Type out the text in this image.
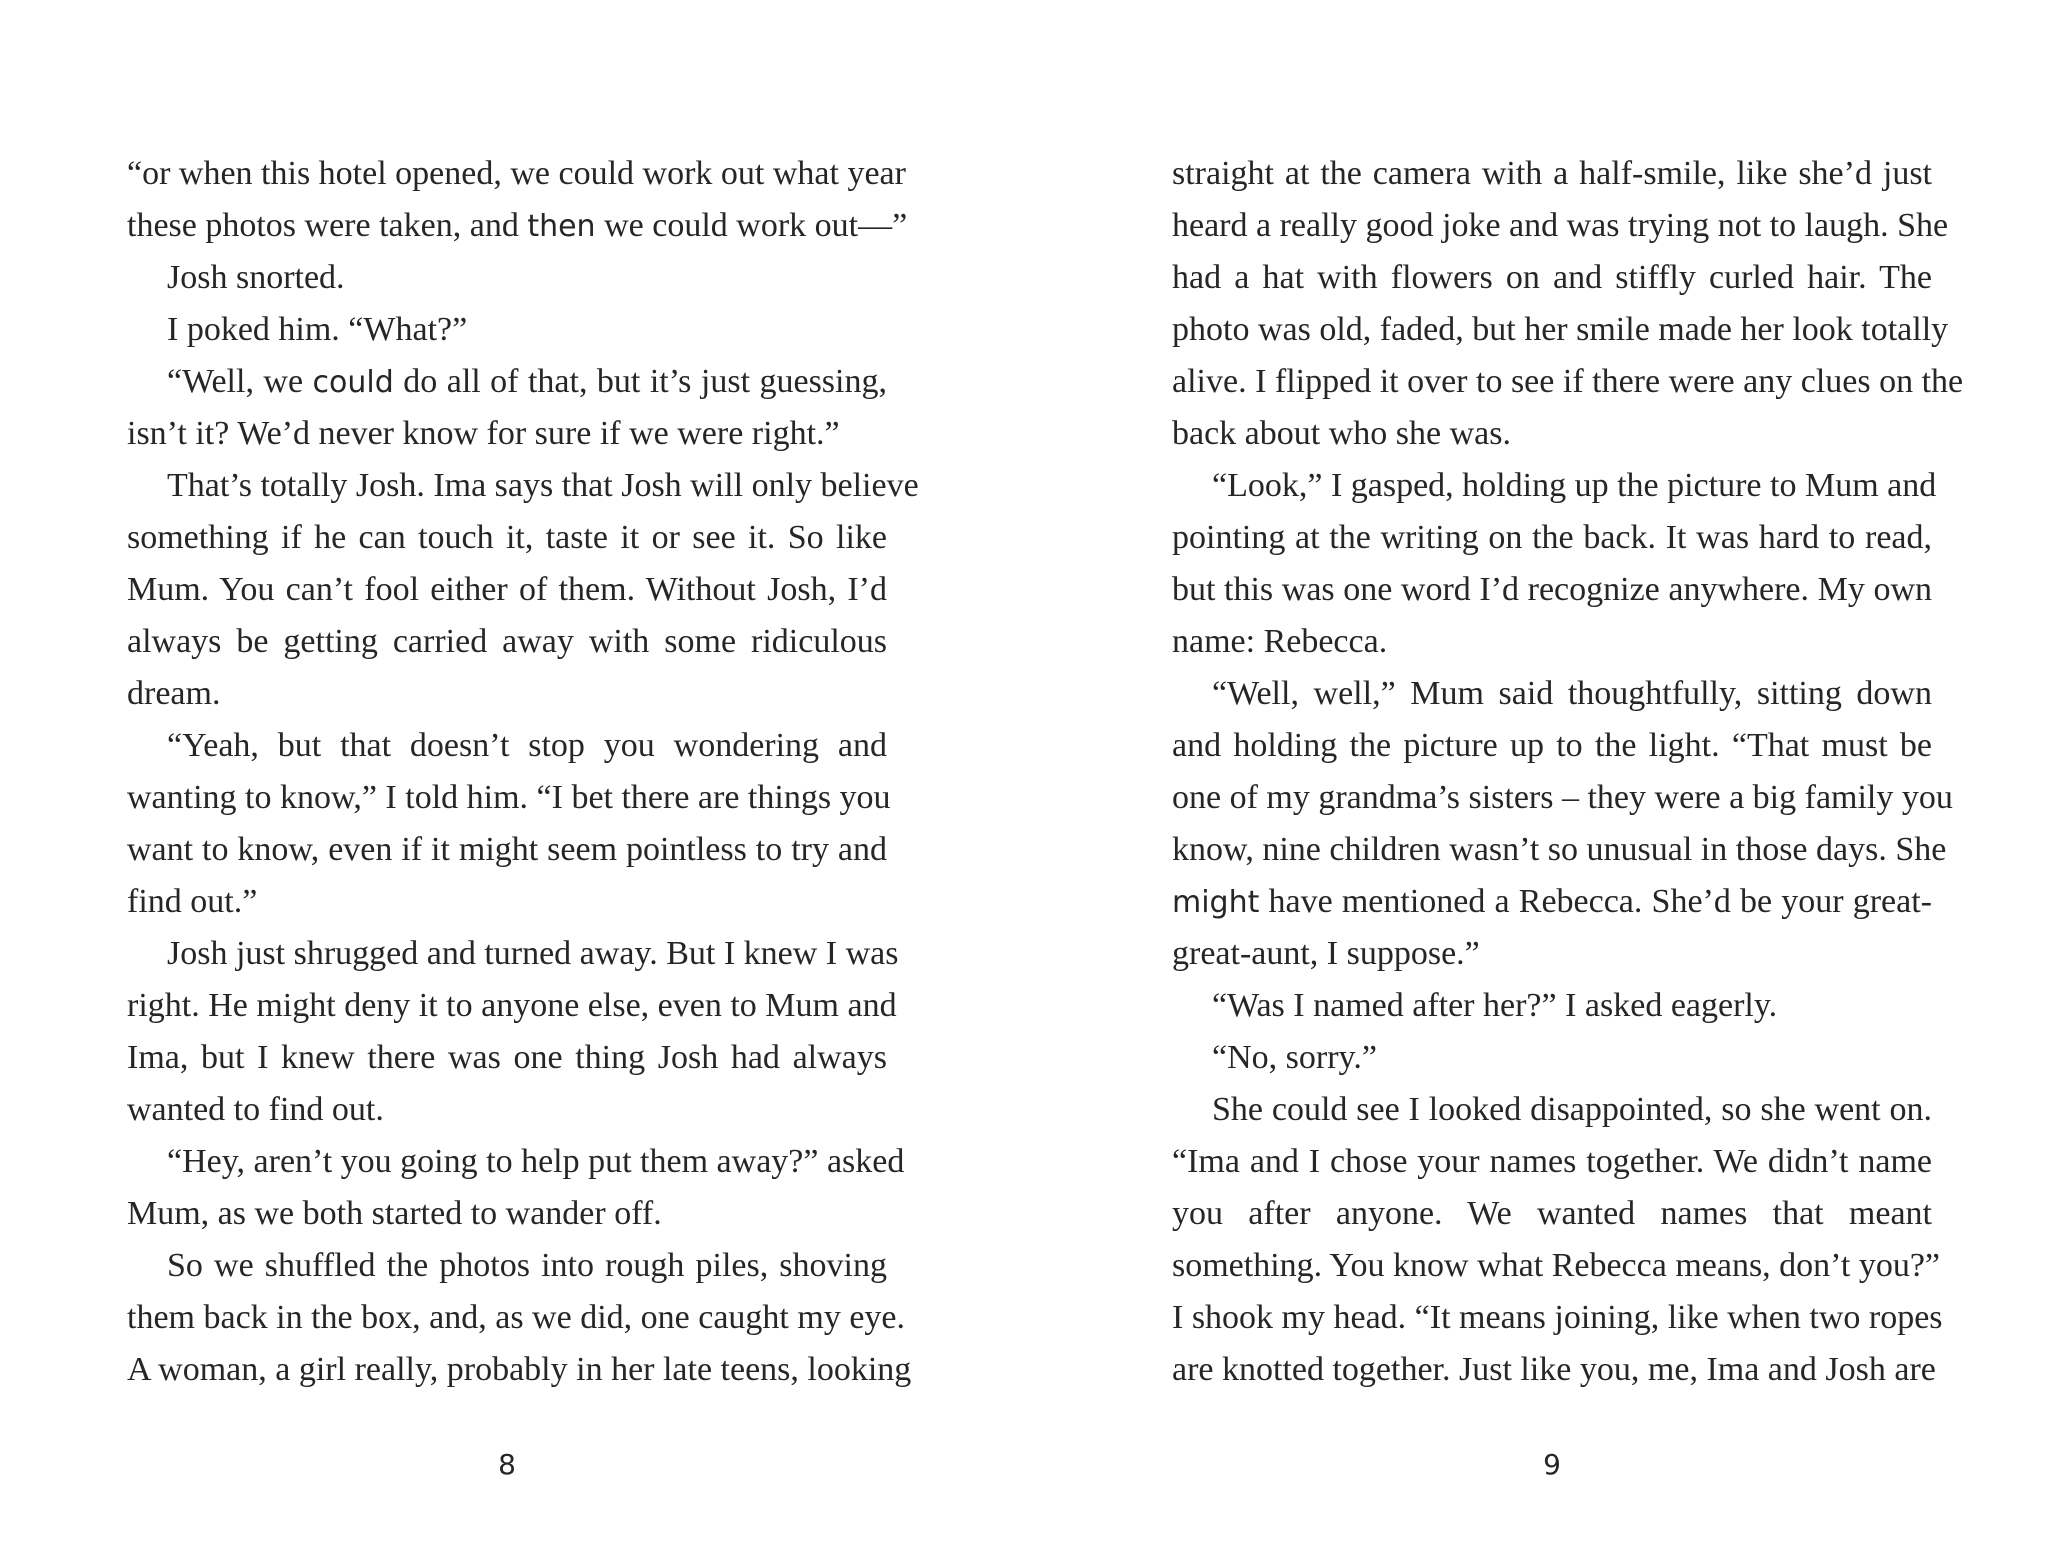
“or when this hotel opened, we could work out what year
these photos were taken, and then we could work out—”
Josh snorted.
I poked him. “What?”
“Well, we could do all of that, but it’s just guessing,
isn’t it? We’d never know for sure if we were right.”
That’s totally Josh. Ima says that Josh will only believe
something if he can touch it, taste it or see it. So like
Mum. You can’t fool either of them. Without Josh, I’d
always be getting carried away with some ridiculous
dream.
“Yeah, but that doesn’t stop you wondering and
wanting to know,” I told him. “I bet there are things you
want to know, even if it might seem pointless to try and
find out.”
Josh just shrugged and turned away. But I knew I was
right. He might deny it to anyone else, even to Mum and
Ima, but I knew there was one thing Josh had always
wanted to find out.
“Hey, aren’t you going to help put them away?” asked
Mum, as we both started to wander off.
So we shuffled the photos into rough piles, shoving
them back in the box, and, as we did, one caught my eye.
A woman, a girl really, probably in her late teens, looking
straight at the camera with a half-smile, like she’d just
heard a really good joke and was trying not to laugh. She
had a hat with flowers on and stiffly curled hair. The
photo was old, faded, but her smile made her look totally
alive. I flipped it over to see if there were any clues on the
back about who she was.
“Look,” I gasped, holding up the picture to Mum and
pointing at the writing on the back. It was hard to read,
but this was one word I’d recognize anywhere. My own
name: Rebecca.
“Well, well,” Mum said thoughtfully, sitting down
and holding the picture up to the light. “That must be
one of my grandma’s sisters – they were a big family you
know, nine children wasn’t so unusual in those days. She
might have mentioned a Rebecca. She’d be your great-
great-aunt, I suppose.”
“Was I named after her?” I asked eagerly.
“No, sorry.”
She could see I looked disappointed, so she went on.
“Ima and I chose your names together. We didn’t name
you after anyone. We wanted names that meant
something. You know what Rebecca means, don’t you?”
I shook my head. “It means joining, like when two ropes
are knotted together. Just like you, me, Ima and Josh are
8	9
